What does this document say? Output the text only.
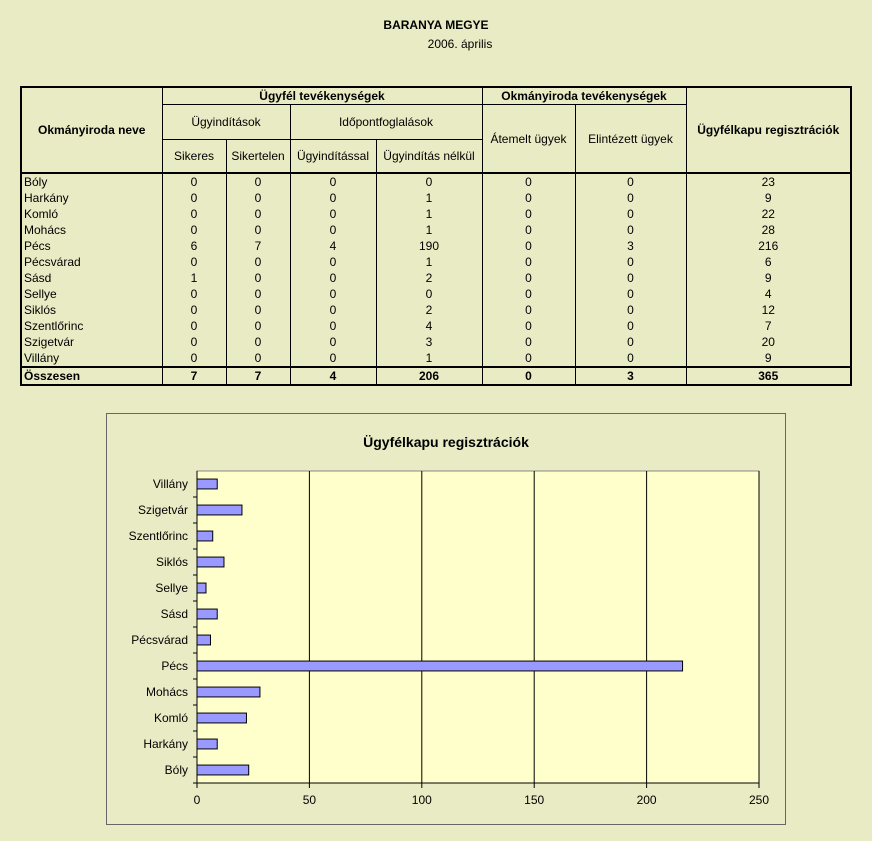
BARANYA MEGYE
2006. április
Okmányiroda neve	Ügyfél tevékenységek				Okmányiroda tevékenységek		Ügyfélkapu regisztrációk
	Ügyindítások		Időpontfoglalások		Átemelt ügyek	Elintézett ügyek	
	Sikeres	Sikertelen	Ügyindítással	Ügyindítás nélkül			
Bóly	0	0	0	0	0	0	23
Harkány	0	0	0	1	0	0	9
Komló	0	0	0	1	0	0	22
Mohács	0	0	0	1	0	0	28
Pécs	6	7	4	190	0	3	216
Pécsvárad	0	0	0	1	0	0	6
Sásd	1	0	0	2	0	0	9
Sellye	0	0	0	0	0	0	4
Siklós	0	0	0	2	0	0	12
Szentlőrinc	0	0	0	4	0	0	7
Szigetvár	0	0	0	3	0	0	20
Villány	0	0	0	1	0	0	9
Összesen	7	7	4	206	0	3	365
Ügyfélkapu regisztrációk
0	50	100	150	200	250
Bóly
Harkány
Komló
Mohács
Pécs
Pécsvárad
Sásd
Sellye
Siklós
Szentlőrinc
Szigetvár
Villány
